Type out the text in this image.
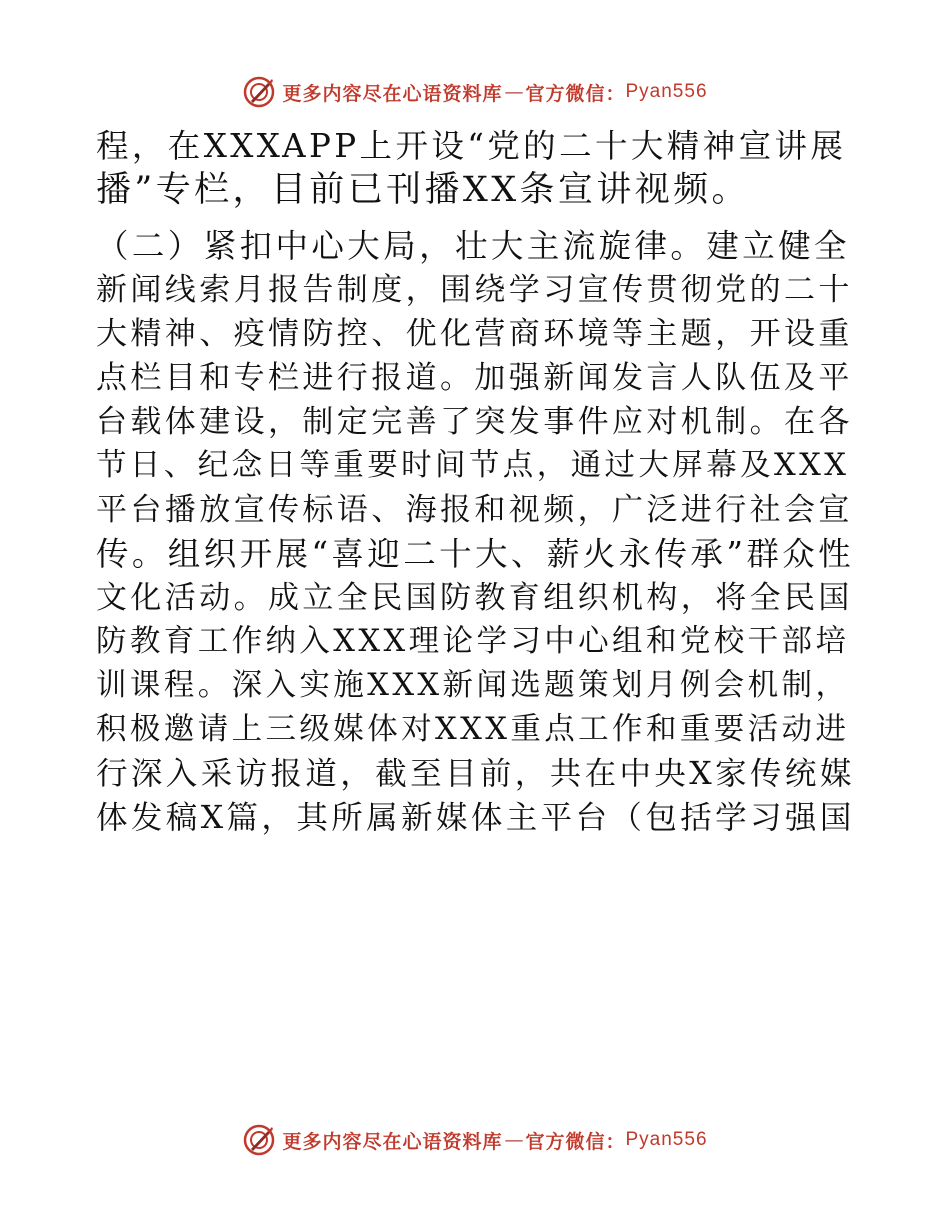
更多内容尽在心语资料库 — 官方微信： Pyan556

程，在XXXAPP上开设“党的二十大精神宣讲展

播”专栏，目前已刊播XX条宣讲视频。

（二）紧扣中心大局，壮大主流旋律。建立健全

新闻线索月报告制度，围绕学习宣传贯彻党的二十

大精神、疫情防控、优化营商环境等主题，开设重

点栏目和专栏进行报道。加强新闻发言人队伍及平

台载体建设，制定完善了突发事件应对机制。在各

节日、纪念日等重要时间节点，通过大屏幕及XXX

平台播放宣传标语、海报和视频，广泛进行社会宣

传。组织开展“喜迎二十大、薪火永传承”群众性

文化活动。成立全民国防教育组织机构，将全民国

防教育工作纳入XXX理论学习中心组和党校干部培

训课程。深入实施XXX新闻选题策划月例会机制，

积极邀请上三级媒体对XXX重点工作和重要活动进

行深入采访报道，截至目前，共在中央X家传统媒

体发稿X篇，其所属新媒体主平台（包括学习强国

更多内容尽在心语资料库 — 官方微信： Pyan556
